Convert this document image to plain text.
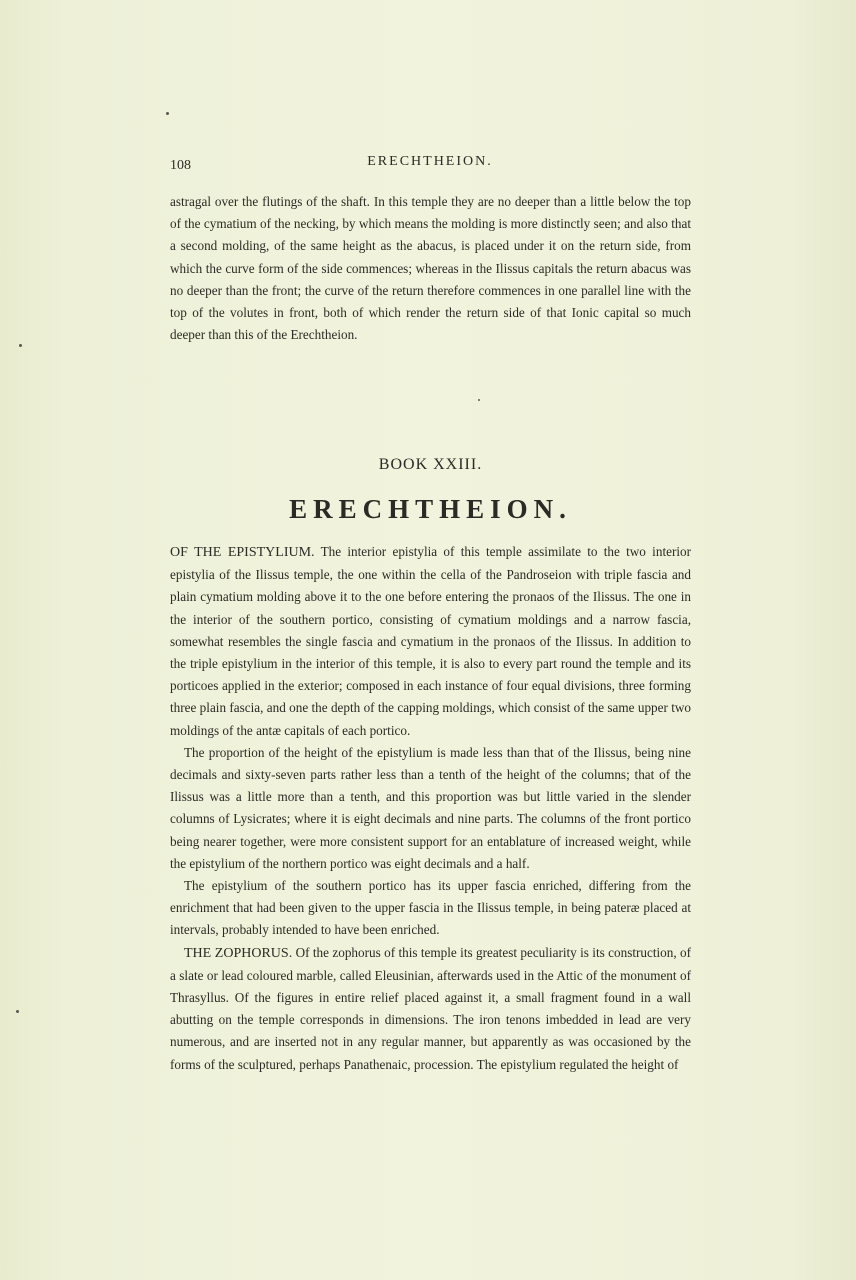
108	ERECHTHEION.

astragal over the flutings of the shaft. In this temple they are no deeper than a little below the top of the cymatium of the necking, by which means the molding is more distinctly seen; and also that a second molding, of the same height as the abacus, is placed under it on the return side, from which the curve form of the side commences; whereas in the Ilissus capitals the return abacus was no deeper than the front; the curve of the return therefore commences in one parallel line with the top of the volutes in front, both of which render the return side of that Ionic capital so much deeper than this of the Erechtheion.

BOOK XXIII.
ERECHTHEION.

OF THE EPISTYLIUM. The interior epistylia of this temple assimilate to the two interior epistylia of the Ilissus temple, the one within the cella of the Pandroseion with triple fascia and plain cymatium molding above it to the one before entering the pronaos of the Ilissus. The one in the interior of the southern portico, consisting of cymatium moldings and a narrow fascia, somewhat resembles the single fascia and cymatium in the pronaos of the Ilissus. In addition to the triple epistylium in the interior of this temple, it is also to every part round the temple and its porticoes applied in the exterior; composed in each instance of four equal divisions, three forming three plain fascia, and one the depth of the capping moldings, which consist of the same upper two moldings of the antæ capitals of each portico.

The proportion of the height of the epistylium is made less than that of the Ilissus, being nine decimals and sixty-seven parts rather less than a tenth of the height of the columns; that of the Ilissus was a little more than a tenth, and this proportion was but little varied in the slender columns of Lysicrates; where it is eight decimals and nine parts. The columns of the front portico being nearer together, were more consistent support for an entablature of increased weight, while the epistylium of the northern portico was eight decimals and a half.

The epistylium of the southern portico has its upper fascia enriched, differing from the enrichment that had been given to the upper fascia in the Ilissus temple, in being pateræ placed at intervals, probably intended to have been enriched.

THE ZOPHORUS. Of the zophorus of this temple its greatest peculiarity is its construction, of a slate or lead coloured marble, called Eleusinian, afterwards used in the Attic of the monument of Thrasyllus. Of the figures in entire relief placed against it, a small fragment found in a wall abutting on the temple corresponds in dimensions. The iron tenons imbedded in lead are very numerous, and are inserted not in any regular manner, but apparently as was occasioned by the forms of the sculptured, perhaps Panathenaic, procession. The epistylium regulated the height of
